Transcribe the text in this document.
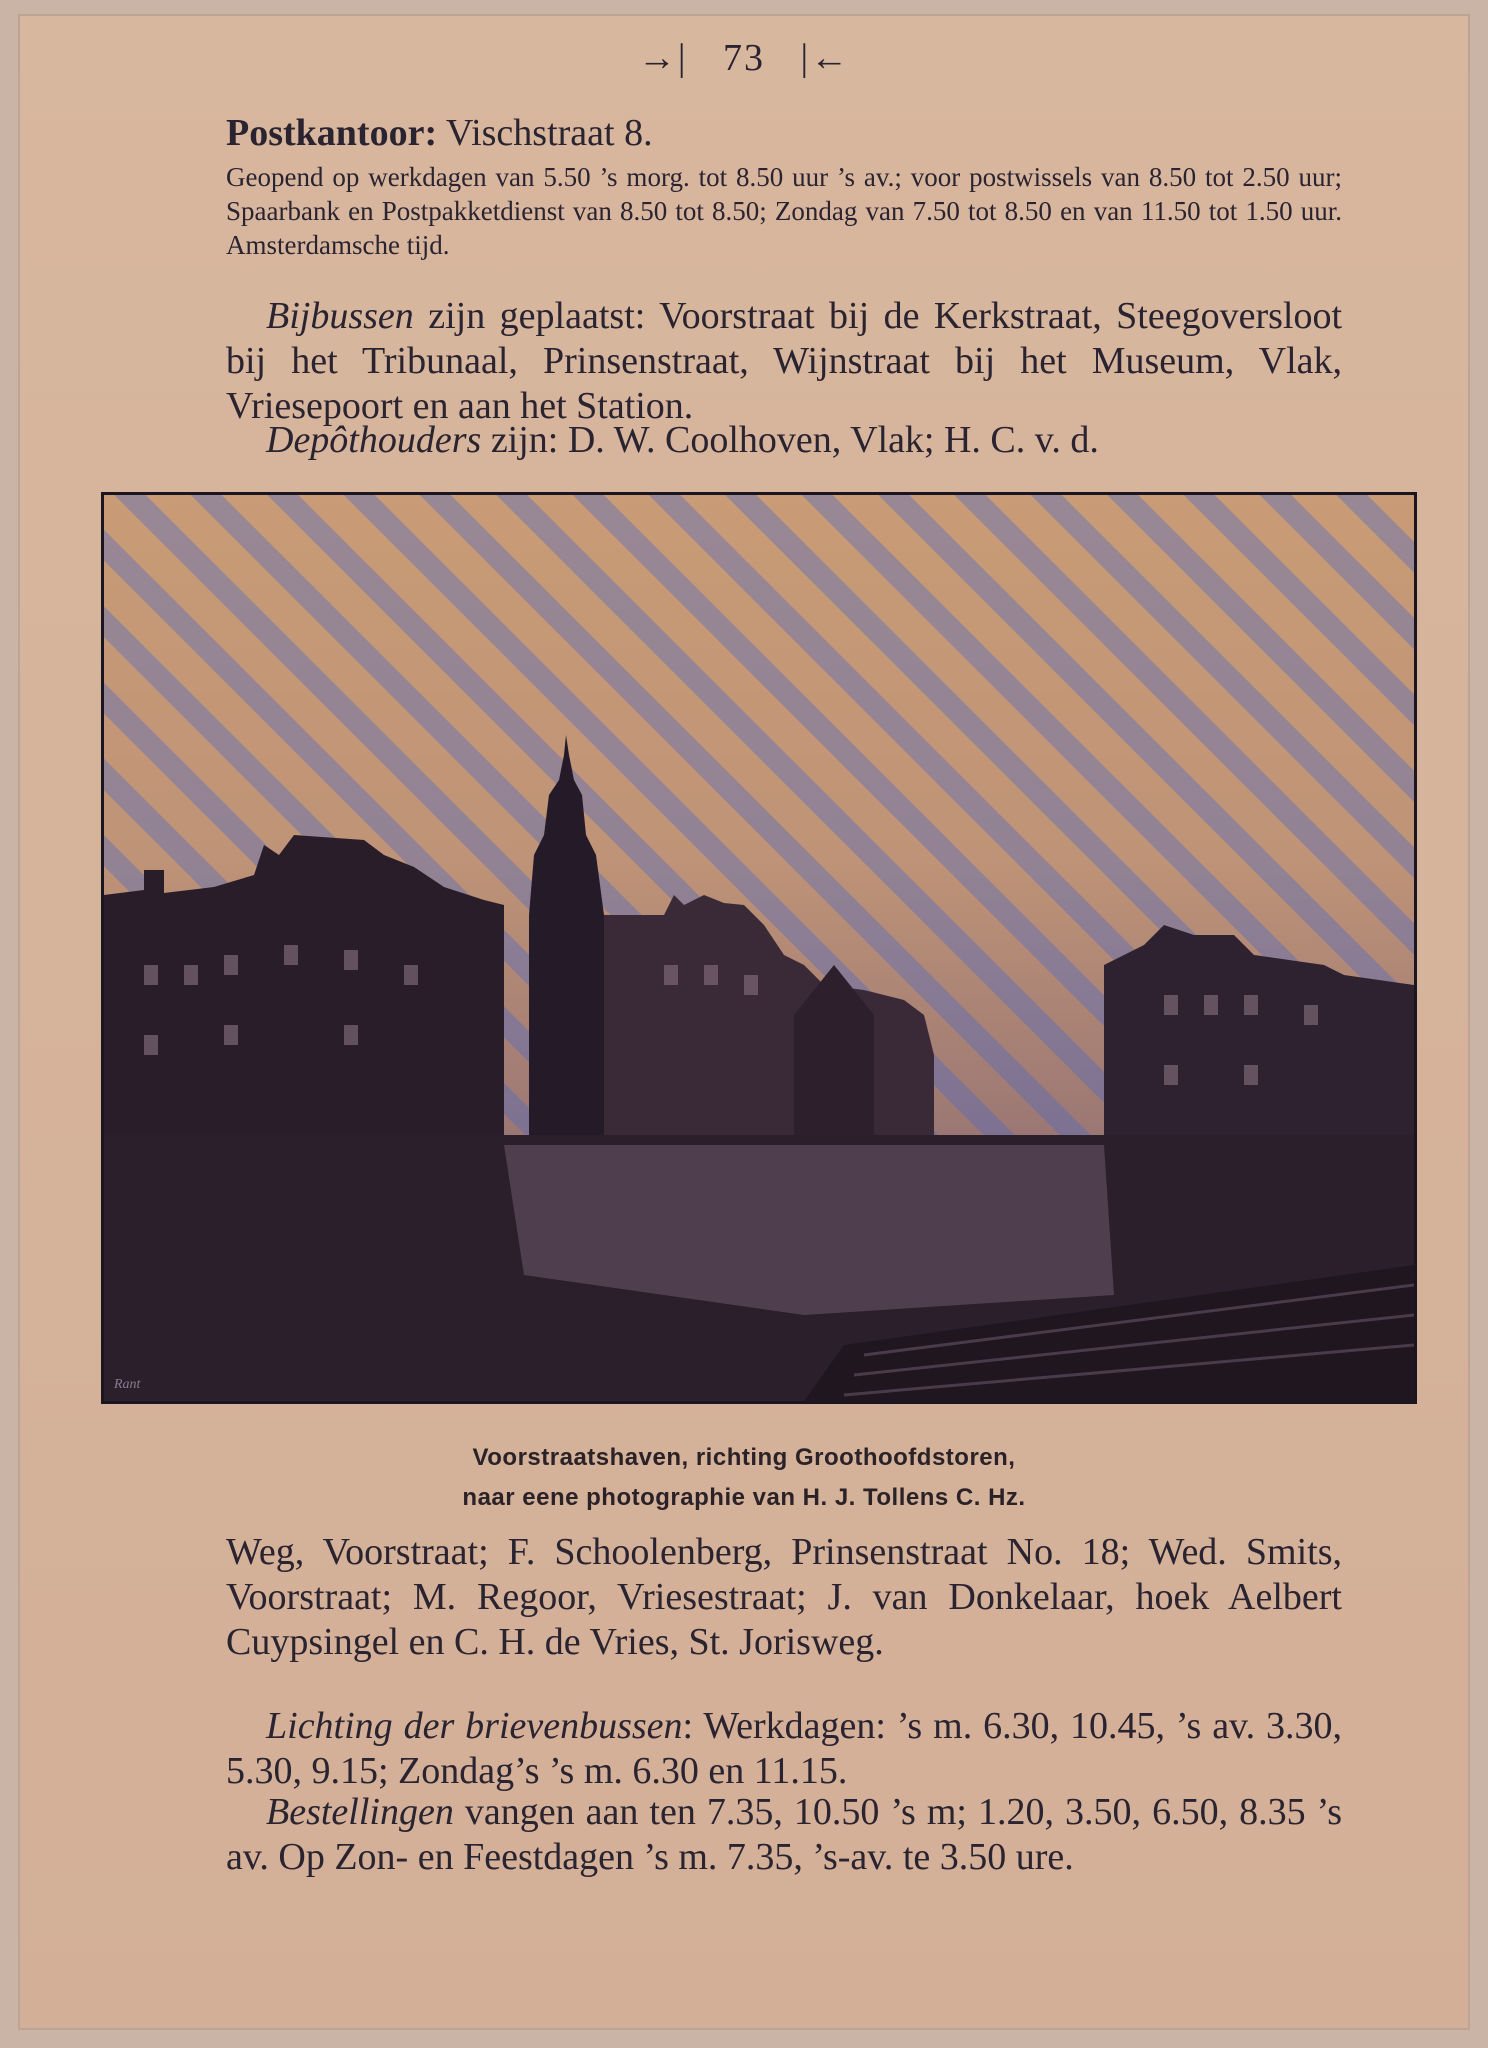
→| 73 |←
Postkantoor: Vischstraat 8.
Geopend op werkdagen van 5.50 ’s morg. tot 8.50 uur ’s av.; voor postwissels van 8.50 tot 2.50 uur; Spaarbank en Postpakketdienst van 8.50 tot 8.50; Zondag van 7.50 tot 8.50 en van 11.50 tot 1.50 uur. Amsterdamsche tijd.
Bijbussen zijn geplaatst: Voorstraat bij de Kerkstraat, Steegoversloot bij het Tribunaal, Prinsenstraat, Wijnstraat bij het Museum, Vlak, Vriesepoort en aan het Station.
Depôthouders zijn: D. W. Coolhoven, Vlak; H. C. v. d.
Rant
Voorstraatshaven, richting Groothoofdstoren,
naar eene photographie van H. J. Tollens C. Hz.
Weg, Voorstraat; F. Schoolenberg, Prinsenstraat No. 18; Wed. Smits, Voorstraat; M. Regoor, Vriesestraat; J. van Donkelaar, hoek Aelbert Cuypsingel en C. H. de Vries, St. Jorisweg.
Lichting der brievenbussen: Werkdagen: ’s m. 6.30, 10.45, ’s av. 3.30, 5.30, 9.15; Zondag’s ’s m. 6.30 en 11.15.
Bestellingen vangen aan ten 7.35, 10.50 ’s m; 1.20, 3.50, 6.50, 8.35 ’s av. Op Zon- en Feestdagen ’s m. 7.35, ’s-av. te 3.50 ure.
